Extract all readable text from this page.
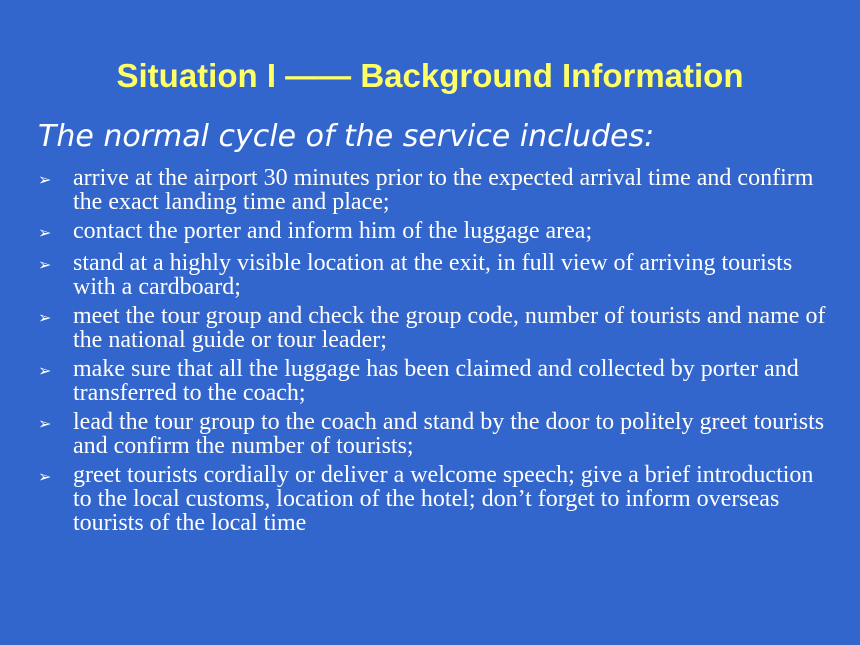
Situation I —— Background Information
The normal cycle of the service includes:
➢ arrive at the airport 30 minutes prior to the expected arrival time and confirm the exact landing time and place;
➢ contact the porter and inform him of the luggage area;
➢ stand at a highly visible location at the exit, in full view of arriving tourists with a cardboard;
➢ meet the tour group and check the group code, number of tourists and name of the national guide or tour leader;
➢ make sure that all the luggage has been claimed and collected by porter and transferred to the coach;
➢ lead the tour group to the coach and stand by the door to politely greet tourists and confirm the number of tourists;
➢ greet tourists cordially or deliver a welcome speech; give a brief introduction to the local customs, location of the hotel; don’t forget to inform overseas tourists of the local time
